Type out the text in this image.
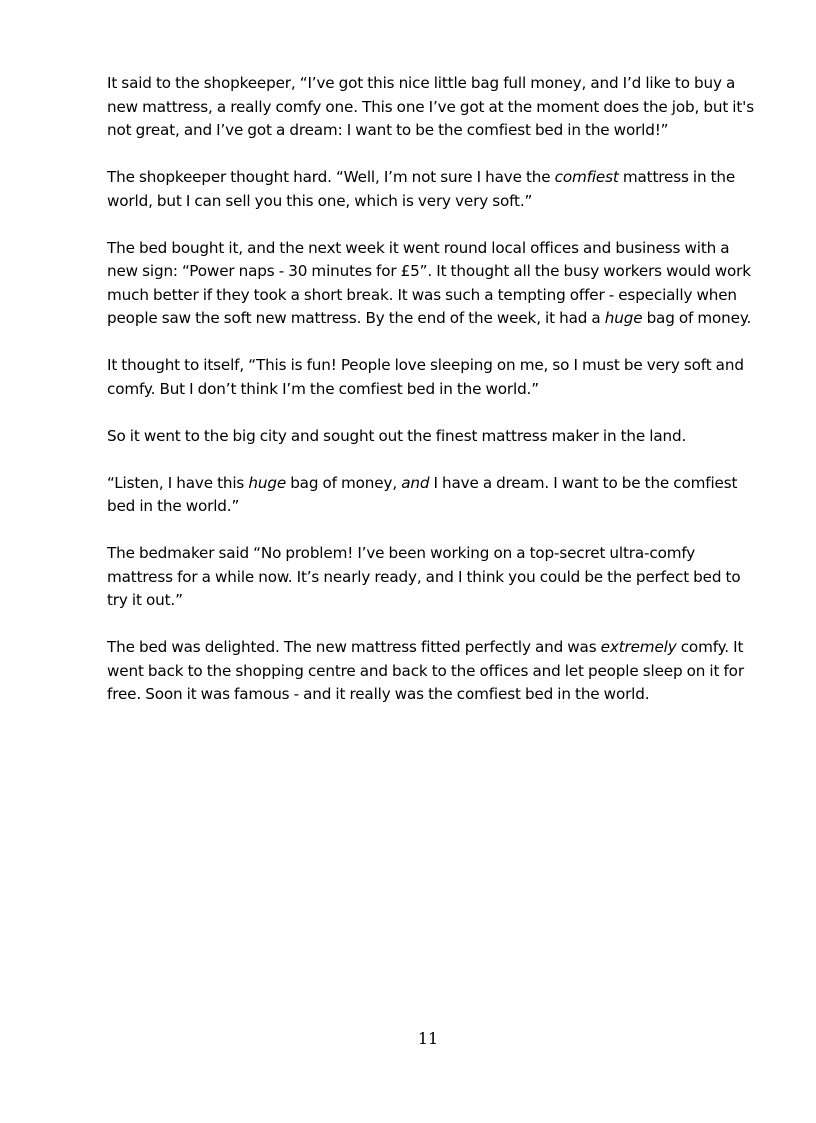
It said to the shopkeeper, “I’ve got this nice little bag full money, and I’d like to buy a new mattress, a really comfy one. This one I’ve got at the moment does the job, but it's not great, and I’ve got a dream: I want to be the comfiest bed in the world!”

The shopkeeper thought hard. “Well, I’m not sure I have the comfiest mattress in the world, but I can sell you this one, which is very very soft.”

The bed bought it, and the next week it went round local offices and business with a new sign: “Power naps - 30 minutes for £5”. It thought all the busy workers would work much better if they took a short break. It was such a tempting offer - especially when people saw the soft new mattress. By the end of the week, it had a huge bag of money.

It thought to itself, “This is fun! People love sleeping on me, so I must be very soft and comfy. But I don’t think I’m the comfiest bed in the world.”

So it went to the big city and sought out the finest mattress maker in the land.

“Listen, I have this huge bag of money, and I have a dream. I want to be the comfiest bed in the world.”

The bedmaker said “No problem! I’ve been working on a top-secret ultra-comfy mattress for a while now. It’s nearly ready, and I think you could be the perfect bed to try it out.”

The bed was delighted. The new mattress fitted perfectly and was extremely comfy. It went back to the shopping centre and back to the offices and let people sleep on it for free. Soon it was famous - and it really was the comfiest bed in the world.

11
